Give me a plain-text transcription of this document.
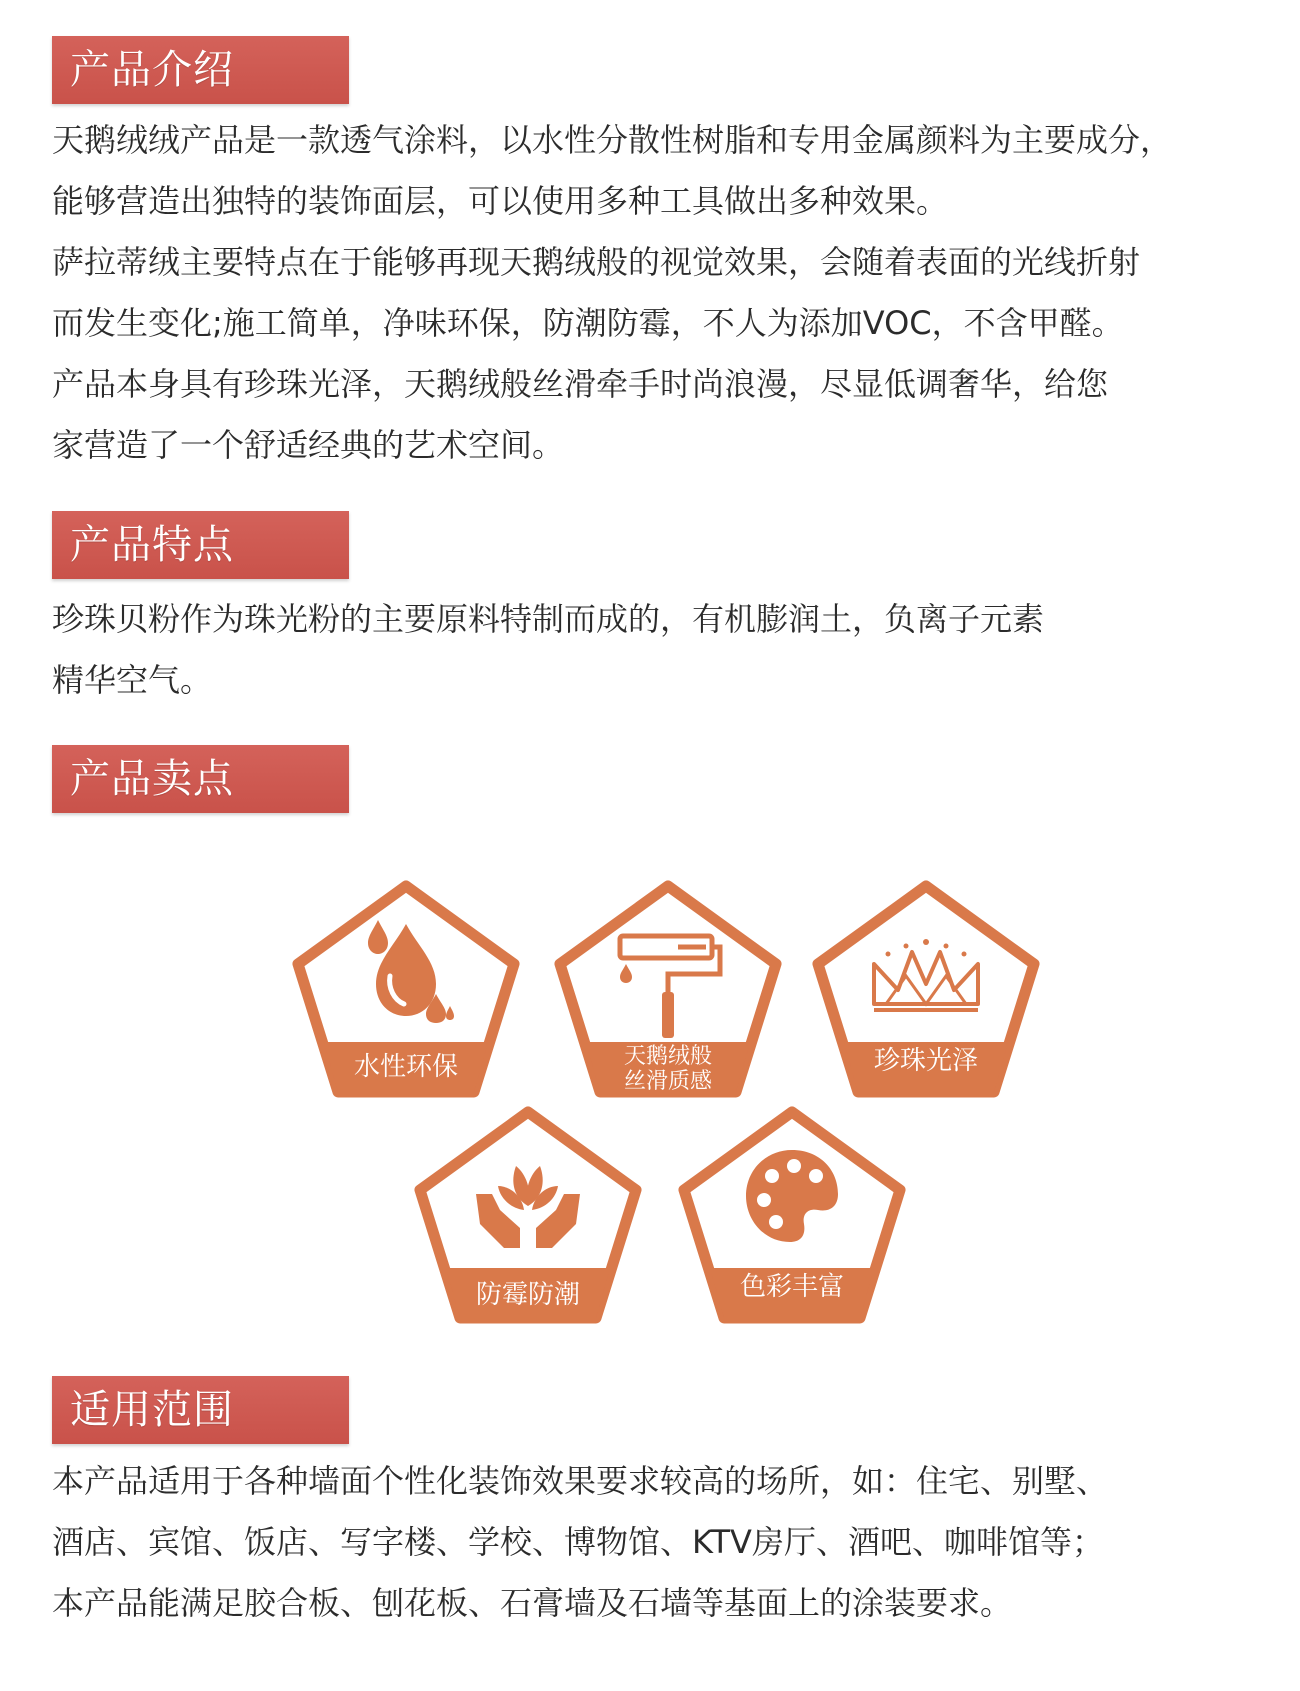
产品介绍
天鹅绒绒产品是一款透气涂料，以水性分散性树脂和专用金属颜料为主要成分，
能够营造出独特的装饰面层，可以使用多种工具做出多种效果。
萨拉蒂绒主要特点在于能够再现天鹅绒般的视觉效果，会随着表面的光线折射
而发生变化;施工简单，净味环保，防潮防霉，不人为添加VOC，不含甲醛。
产品本身具有珍珠光泽，天鹅绒般丝滑牵手时尚浪漫，尽显低调奢华，给您
家营造了一个舒适经典的艺术空间。
产品特点
珍珠贝粉作为珠光粉的主要原料特制而成的，有机膨润土，负离子元素
精华空气。
产品卖点
水性环保	天鹅绒般
丝滑质感
珍珠光泽
防霉防潮	色彩丰富
适用范围
本产品适用于各种墙面个性化装饰效果要求较高的场所，如：住宅、别墅、
酒店、宾馆、饭店、写字楼、学校、博物馆、KTV房厅、酒吧、咖啡馆等；
本产品能满足胶合板、刨花板、石膏墙及石墙等基面上的涂装要求。
